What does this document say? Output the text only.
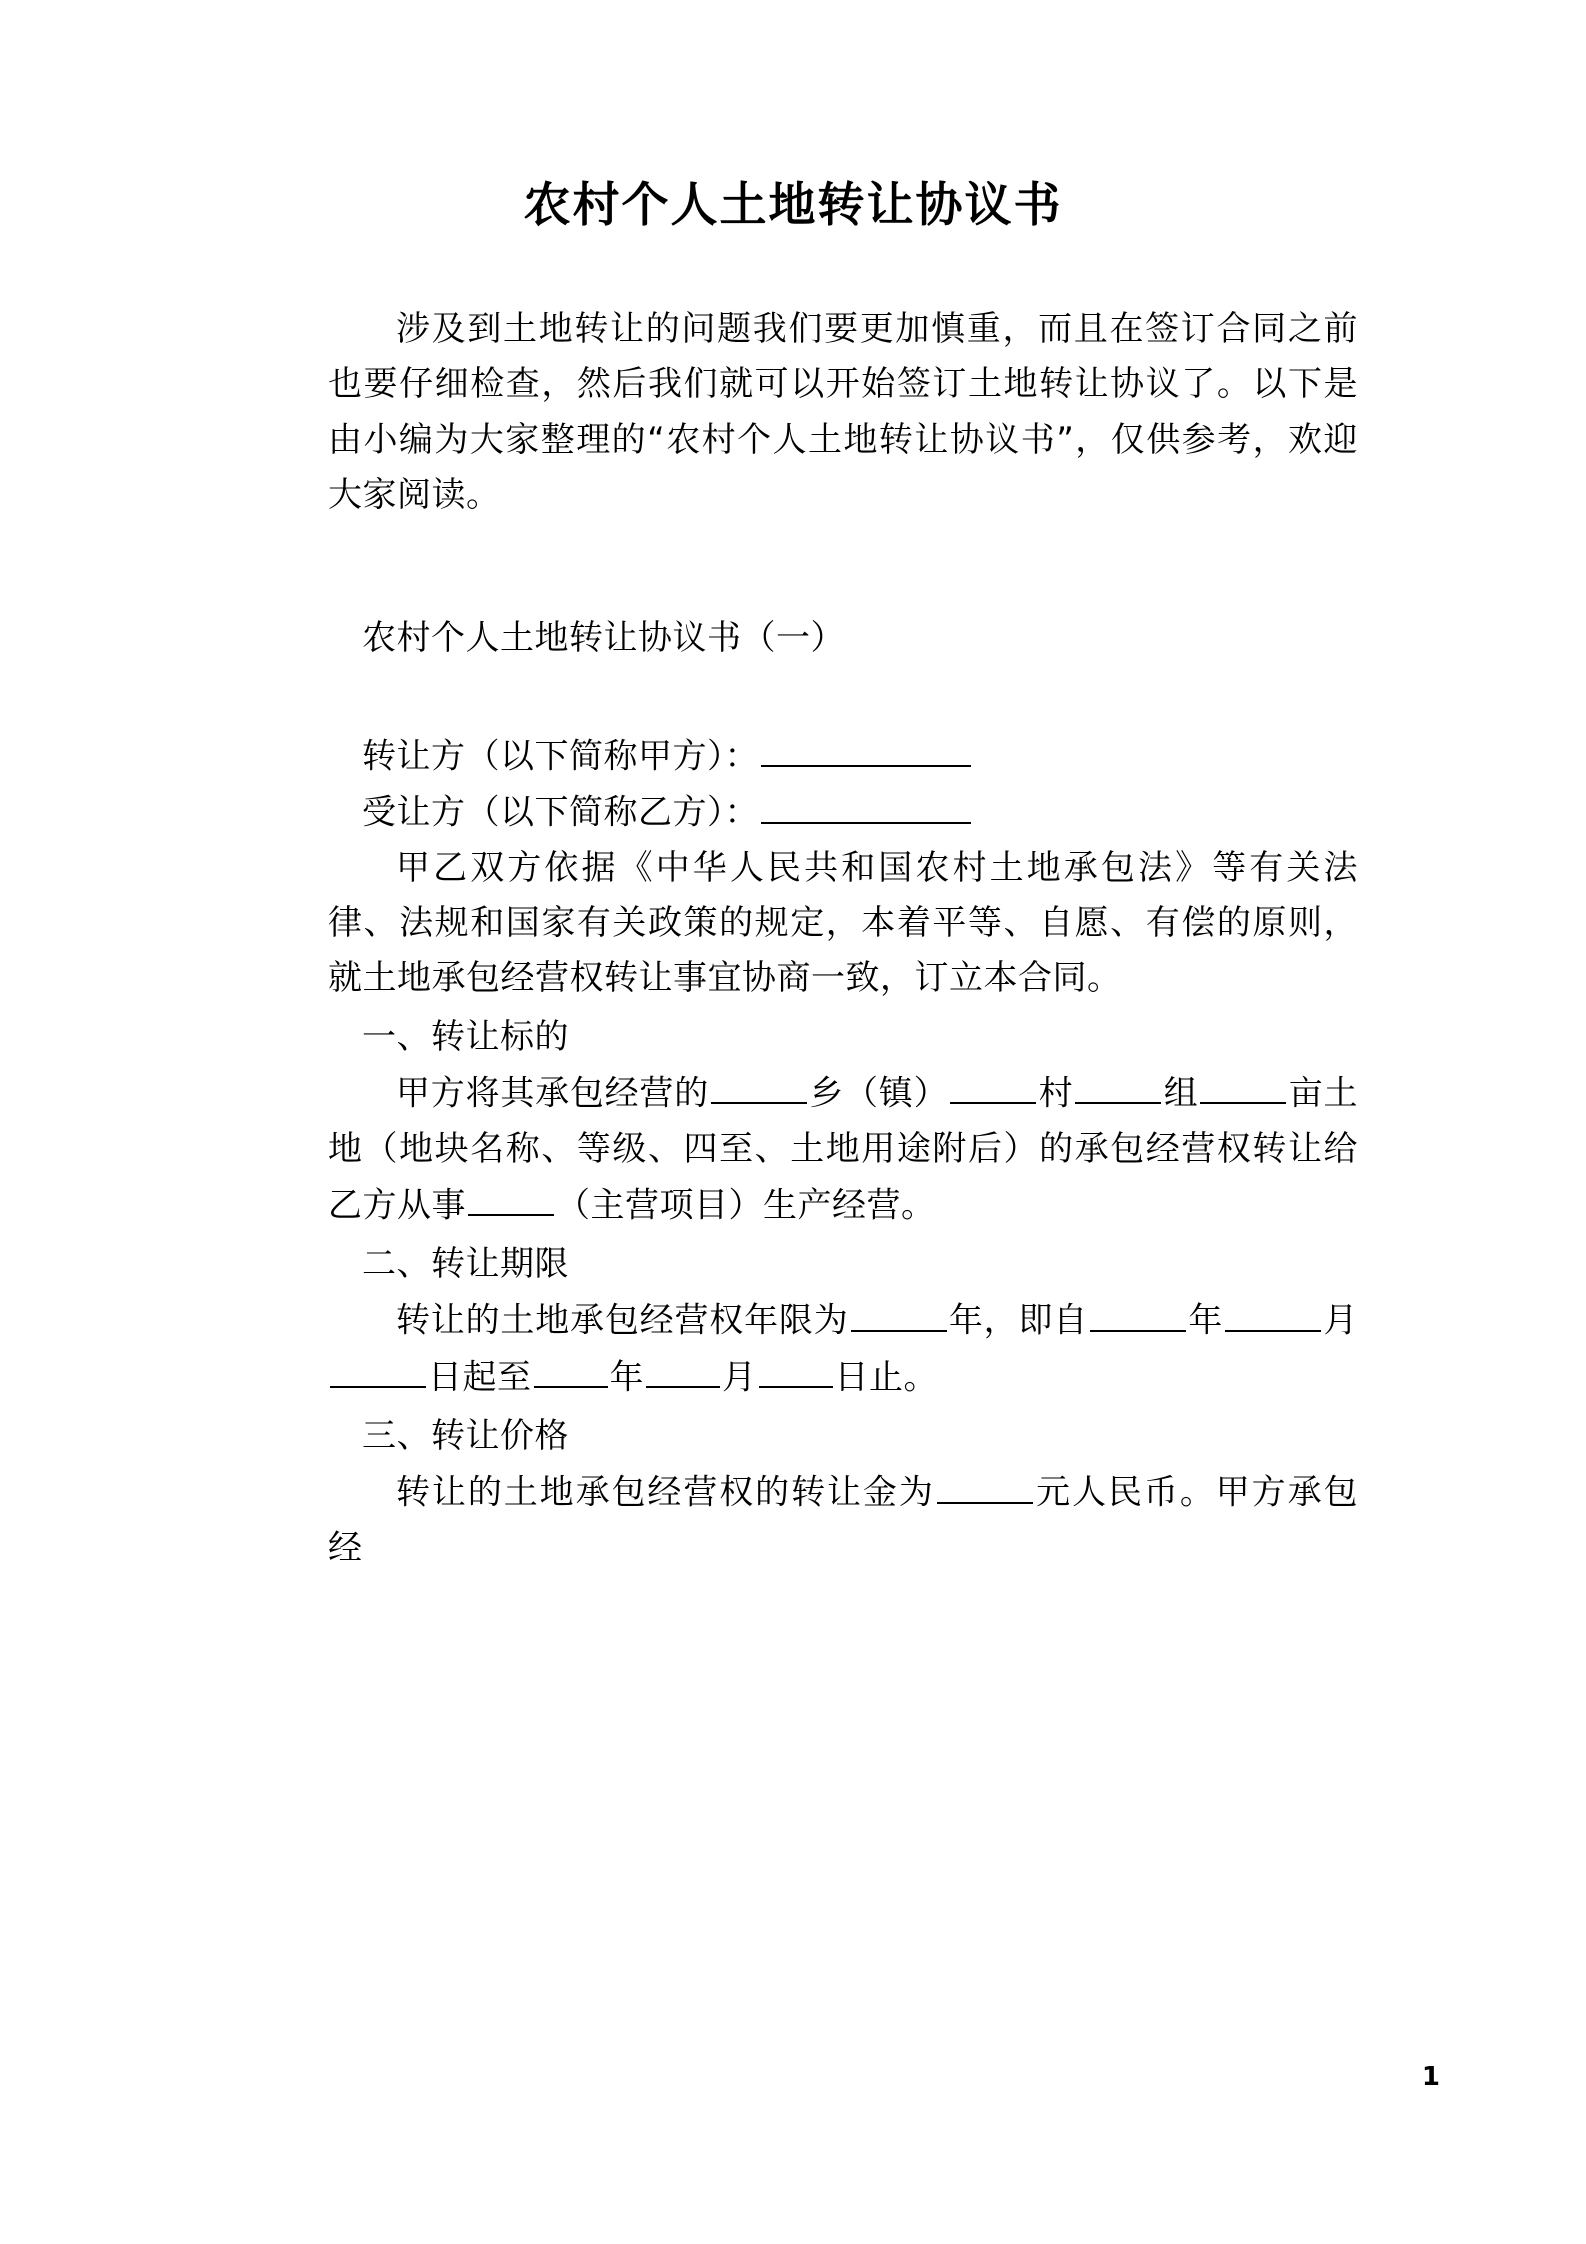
农村个人土地转让协议书

涉及到土地转让的问题我们要更加慎重，而且在签订合同之前也要仔细检查，然后我们就可以开始签订土地转让协议了。以下是由小编为大家整理的“农村个人土地转让协议书”，仅供参考，欢迎大家阅读。

农村个人土地转让协议书（一）

转让方（以下简称甲方）：

受让方（以下简称乙方）：

甲乙双方依据《中华人民共和国农村土地承包法》等有关法律、法规和国家有关政策的规定，本着平等、自愿、有偿的原则，就土地承包经营权转让事宜协商一致，订立本合同。

一、转让标的

甲方将其承包经营的	乡（镇）	村	组	亩土地（地块名称、等级、四至、土地用途附后）的承包经营权转让给乙方从事	（主营项目）生产经营。

二、转让期限

转让的土地承包经营权年限为	年，即自	年	月日起至 年 月 日止。

三、转让价格

转让的土地承包经营权的转让金为	元人民币。甲方承包经

1
